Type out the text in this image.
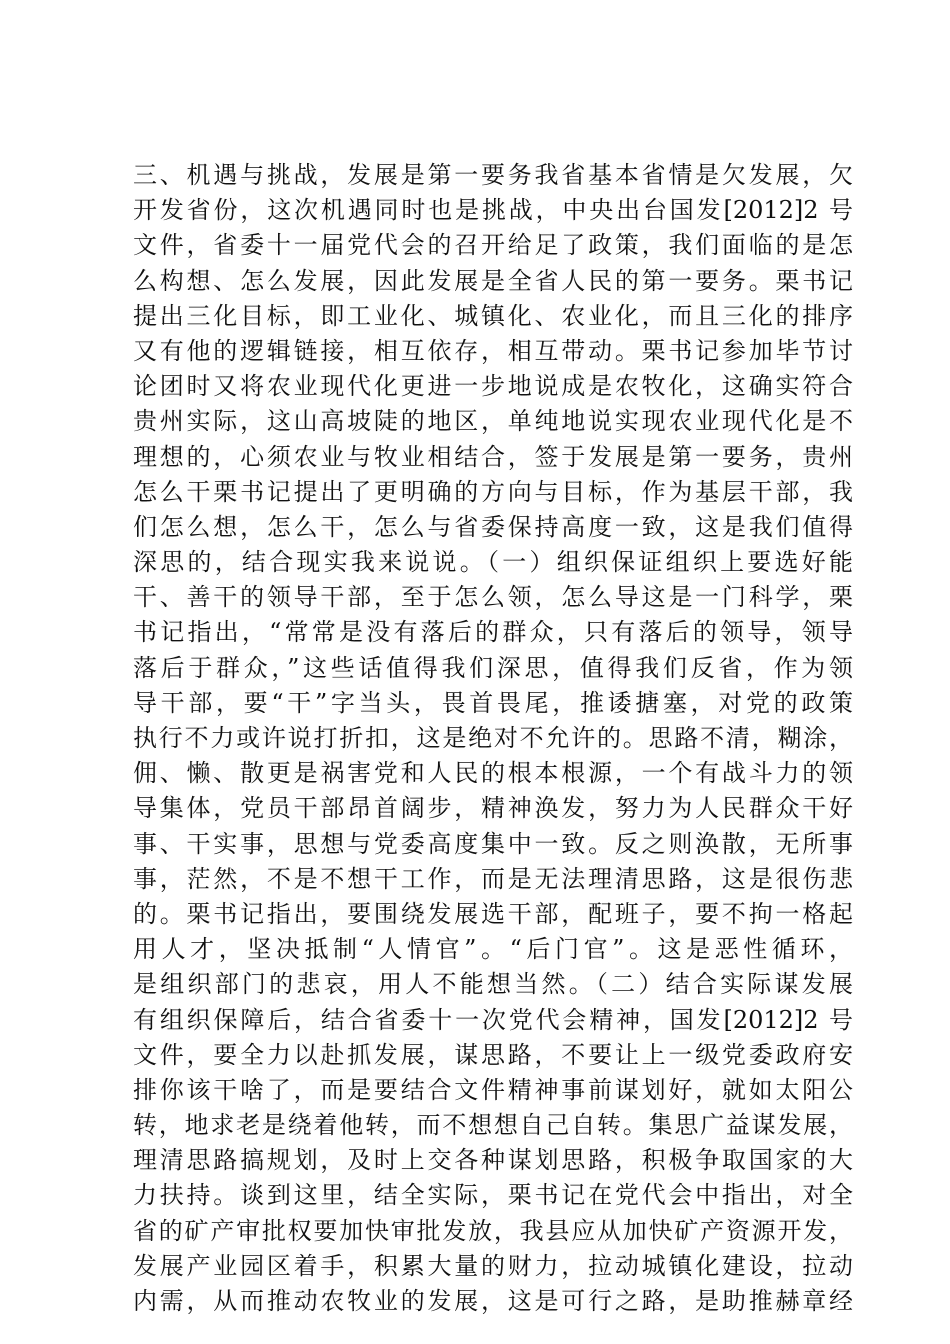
三、机遇与挑战，发展是第一要务我省基本省情是欠发展，欠
开发省份，这次机遇同时也是挑战，中央出台国发[2012]2 号
文件，省委十一届党代会的召开给足了政策，我们面临的是怎
么构想、怎么发展，因此发展是全省人民的第一要务。栗书记
提出三化目标，即工业化、城镇化、农业化，而且三化的排序
又有他的逻辑链接，相互依存，相互带动。栗书记参加毕节讨
论团时又将农业现代化更进一步地说成是农牧化，这确实符合
贵州实际，这山高坡陡的地区，单纯地说实现农业现代化是不
理想的，心须农业与牧业相结合，签于发展是第一要务，贵州
怎么干栗书记提出了更明确的方向与目标，作为基层干部，我
们怎么想，怎么干，怎么与省委保持高度一致，这是我们值得
深思的，结合现实我来说说。（一）组织保证组织上要选好能
干、善干的领导干部，至于怎么领，怎么导这是一门科学，栗
书记指出，“常常是没有落后的群众，只有落后的领导，领导
落后于群众，”这些话值得我们深思，值得我们反省，作为领
导干部，要“干”字当头，畏首畏尾，推诿搪塞，对党的政策
执行不力或许说打折扣，这是绝对不允许的。思路不清，糊涂，
佣、懒、散更是祸害党和人民的根本根源，一个有战斗力的领
导集体，党员干部昂首阔步，精神涣发，努力为人民群众干好
事、干实事，思想与党委高度集中一致。反之则涣散，无所事
事，茫然，不是不想干工作，而是无法理清思路，这是很伤悲
的。栗书记指出，要围绕发展选干部，配班子，要不拘一格起
用人才，坚决抵制“人情官”。“后门官”。这是恶性循环，
是组织部门的悲哀，用人不能想当然。（二）结合实际谋发展
有组织保障后，结合省委十一次党代会精神，国发[2012]2 号
文件，要全力以赴抓发展，谋思路，不要让上一级党委政府安
排你该干啥了，而是要结合文件精神事前谋划好，就如太阳公
转，地求老是绕着他转，而不想想自己自转。集思广益谋发展，
理清思路搞规划，及时上交各种谋划思路，积极争取国家的大
力扶持。谈到这里，结全实际，栗书记在党代会中指出，对全
省的矿产审批权要加快审批发放，我县应从加快矿产资源开发，
发展产业园区着手，积累大量的财力，拉动城镇化建设，拉动
内需，从而推动农牧业的发展，这是可行之路，是助推赫章经
